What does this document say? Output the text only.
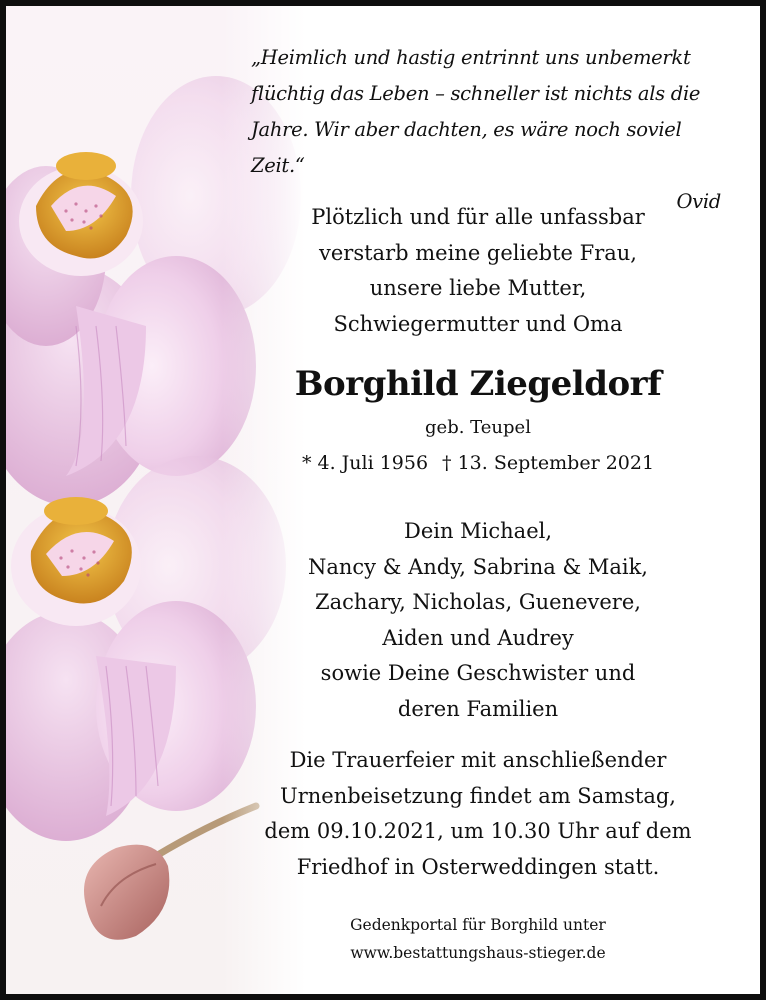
„Heimlich und hastig entrinnt uns unbemerkt
flüchtig das Leben – schneller ist nichts als die
Jahre. Wir aber dachten, es wäre noch soviel Zeit.“
Ovid
Plötzlich und für alle unfassbar
verstarb meine geliebte Frau,
unsere liebe Mutter,
Schwiegermutter und Oma
Borghild Ziegeldorf
geb. Teupel
* 4. Juli 1956 † 13. September 2021
Dein Michael,
Nancy & Andy, Sabrina & Maik,
Zachary, Nicholas, Guenevere,
Aiden und Audrey
sowie Deine Geschwister und
deren Familien
Die Trauerfeier mit anschließender
Urnenbeisetzung findet am Samstag,
dem 09.10.2021, um 10.30 Uhr auf dem
Friedhof in Osterweddingen statt.
Gedenkportal für Borghild unter
www.bestattungshaus-stieger.de
